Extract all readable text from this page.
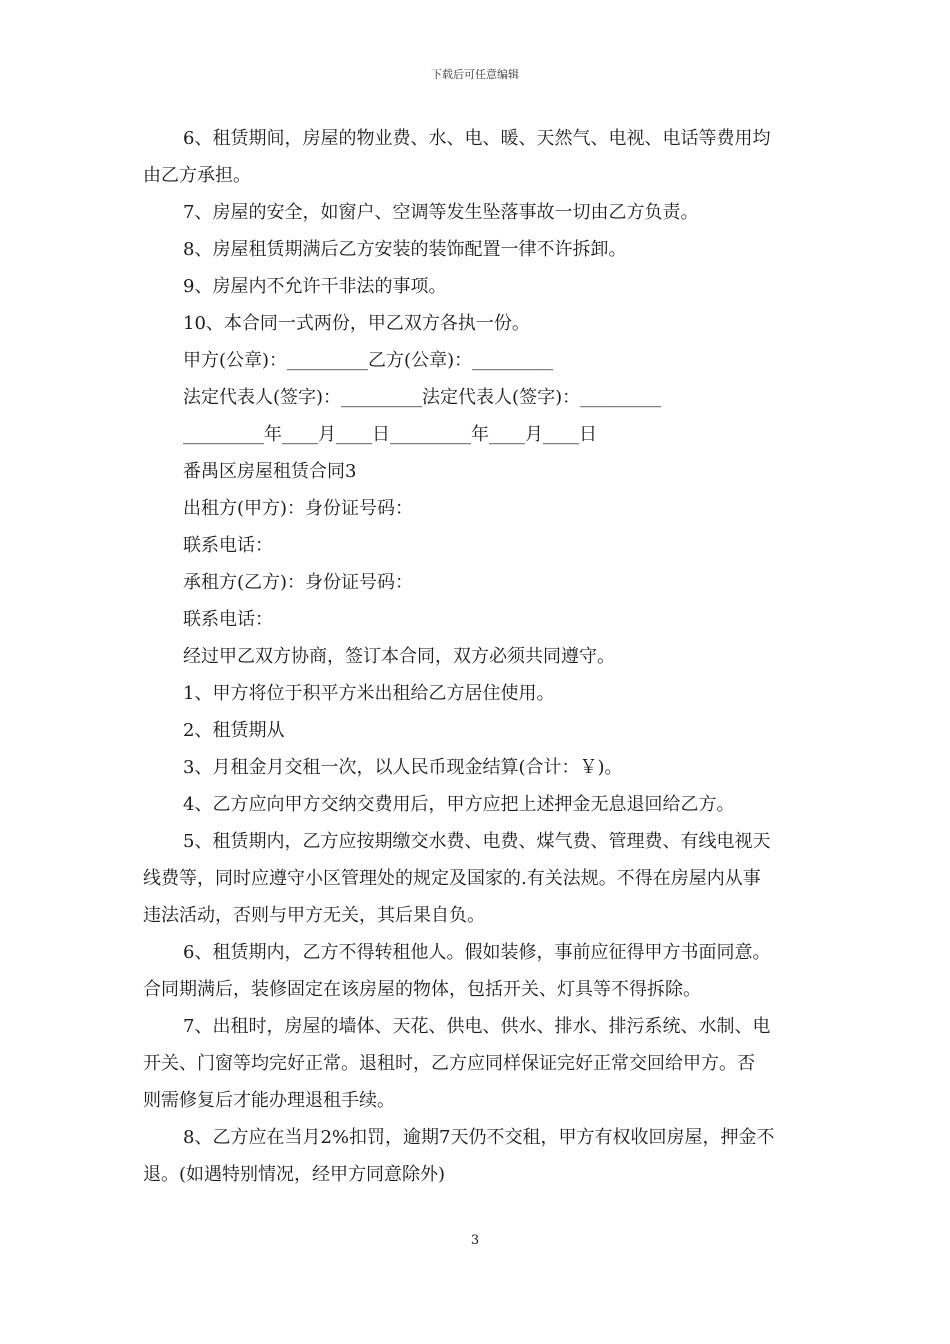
下载后可任意编辑

6、租赁期间，房屋的物业费、水、电、暖、天然气、电视、电话等费用均

由乙方承担。

7、房屋的安全，如窗户、空调等发生坠落事故一切由乙方负责。

8、房屋租赁期满后乙方安装的装饰配置一律不许拆卸。

9、房屋内不允许干非法的事项。

10、本合同一式两份，甲乙双方各执一份。

甲方(公章)：_________乙方(公章)：_________

法定代表人(签字)：_________法定代表人(签字)：_________

_________年____月____日_________年____月____日

番禺区房屋租赁合同3

出租方(甲方)：身份证号码：

联系电话：

承租方(乙方)：身份证号码：

联系电话：

经过甲乙双方协商，签订本合同，双方必须共同遵守。

1、甲方将位于积平方米出租给乙方居住使用。

2、租赁期从

3、月租金月交租一次，以人民币现金结算(合计：￥)。

4、乙方应向甲方交纳交费用后，甲方应把上述押金无息退回给乙方。

5、租赁期内，乙方应按期缴交水费、电费、煤气费、管理费、有线电视天

线费等，同时应遵守小区管理处的规定及国家的.有关法规。不得在房屋内从事

违法活动，否则与甲方无关，其后果自负。

6、租赁期内，乙方不得转租他人。假如装修，事前应征得甲方书面同意。

合同期满后，装修固定在该房屋的物体，包括开关、灯具等不得拆除。

7、出租时，房屋的墙体、天花、供电、供水、排水、排污系统、水制、电

开关、门窗等均完好正常。退租时，乙方应同样保证完好正常交回给甲方。否

则需修复后才能办理退租手续。

8、乙方应在当月2%扣罚，逾期7天仍不交租，甲方有权收回房屋，押金不

退。(如遇特别情况，经甲方同意除外)

3
